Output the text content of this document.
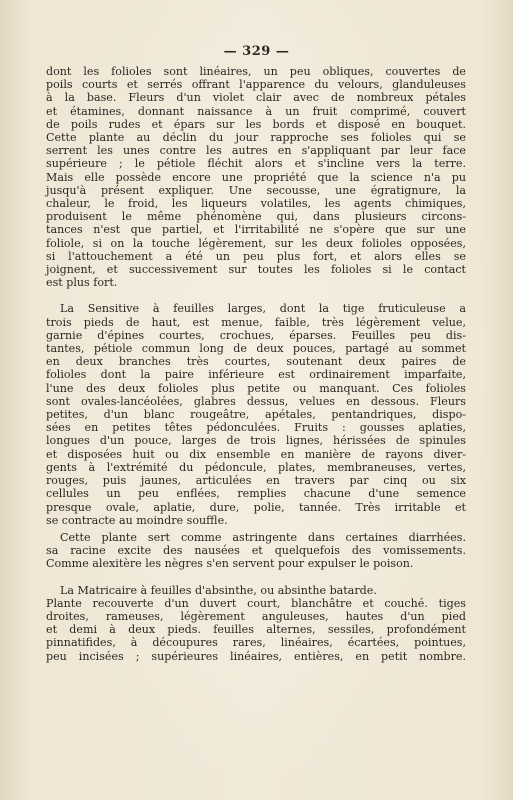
— 329 —

dont les folioles sont linéaires, un peu obliques, couvertes de

poils courts et serrés offrant l'apparence du velours, glanduleuses

à la base. Fleurs d'un violet clair avec de nombreux pétales

et étamines, donnant naissance à un fruit comprimé, couvert

de poils rudes et épars sur les bords et disposé en bouquet.

Cette plante au déclin du jour rapproche ses folioles qui se

serrent les unes contre les autres en s'appliquant par leur face

supérieure ; le pétiole fléchit alors et s'incline vers la terre.

Mais elle possède encore une propriété que la science n'a pu

jusqu'à présent expliquer. Une secousse, une égratignure, la

chaleur, le froid, les liqueurs volatiles, les agents chimiques,

produisent le même phénomène qui, dans plusieurs circons-

tances n'est que partiel, et l'irritabilité ne s'opère que sur une

foliole, si on la touche légèrement, sur les deux folioles opposées,

si l'attouchement a été un peu plus fort, et alors elles se

joignent, et successivement sur toutes les folioles si le contact

est plus fort.

La Sensitive à feuilles larges, dont la tige fruticuleuse a

trois pieds de haut, est menue, faible, très légèrement velue,

garnie d'épines courtes, crochues, éparses. Feuilles peu dis-

tantes, pétiole commun long de deux pouces, partagé au sommet

en deux branches très courtes, soutenant deux paires de

folioles dont la paire inférieure est ordinairement imparfaite,

l'une des deux folioles plus petite ou manquant. Ces folioles

sont ovales-lancéolées, glabres dessus, velues en dessous. Fleurs

petites, d'un blanc rougeâtre, apétales, pentandriques, dispo-

sées en petites têtes pédonculées. Fruits : gousses aplaties,

longues d'un pouce, larges de trois lignes, hérissées de spinules

et disposées huit ou dix ensemble en manière de rayons diver-

gents à l'extrémité du pédoncule, plates, membraneuses, vertes,

rouges, puis jaunes, articulées en travers par cinq ou six

cellules un peu enflées, remplies chacune d'une semence

presque ovale, aplatie, dure, polie, tannée. Très irritable et

se contracte au moindre souffle.

Cette plante sert comme astringente dans certaines diarrhées.

sa racine excite des nausées et quelquefois des vomissements.

Comme alexitère les nègres s'en servent pour expulser le poison.

La Matricaire à feuilles d'absinthe, ou absinthe batarde.

Plante recouverte d'un duvert court, blanchâtre et couché. tiges

droites, rameuses, légèrement anguleuses, hautes d'un pied

et demi à deux pieds. feuilles alternes, sessiles, profondément

pinnatifides, à découpures rares, linéaires, écartées, pointues,

peu incisées ; supérieures linéaires, entières, en petit nombre.
